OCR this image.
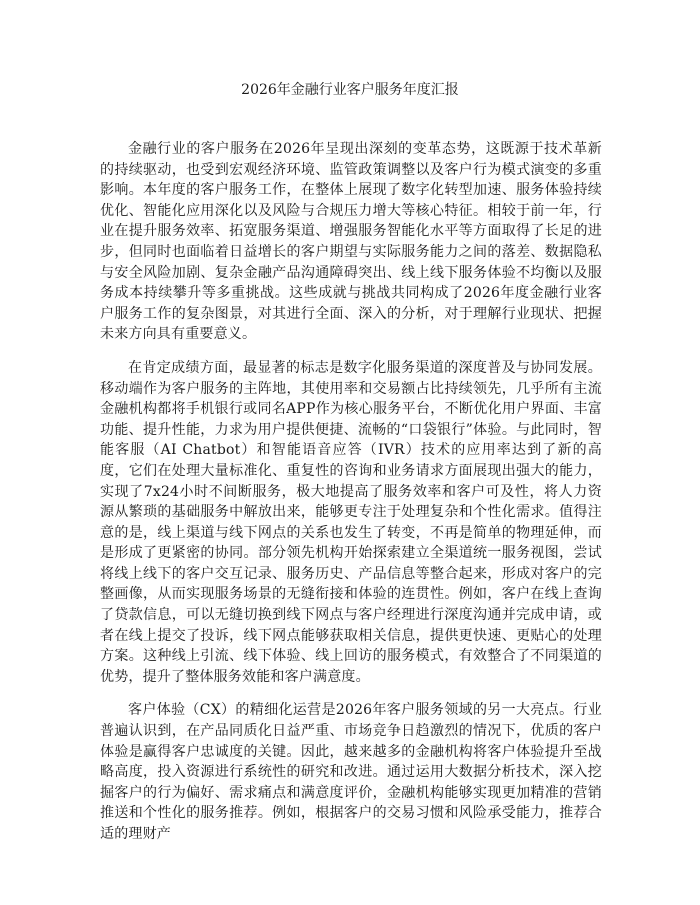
2026年金融行业客户服务年度汇报

金融行业的客户服务在2026年呈现出深刻的变革态势，这既源于技术革新的持续驱动，也受到宏观经济环境、监管政策调整以及客户行为模式演变的多重影响。本年度的客户服务工作，在整体上展现了数字化转型加速、服务体验持续优化、智能化应用深化以及风险与合规压力增大等核心特征。相较于前一年，行业在提升服务效率、拓宽服务渠道、增强服务智能化水平等方面取得了长足的进步，但同时也面临着日益增长的客户期望与实际服务能力之间的落差、数据隐私与安全风险加剧、复杂金融产品沟通障碍突出、线上线下服务体验不均衡以及服务成本持续攀升等多重挑战。这些成就与挑战共同构成了2026年度金融行业客户服务工作的复杂图景，对其进行全面、深入的分析，对于理解行业现状、把握未来方向具有重要意义。

在肯定成绩方面，最显著的标志是数字化服务渠道的深度普及与协同发展。移动端作为客户服务的主阵地，其使用率和交易额占比持续领先，几乎所有主流金融机构都将手机银行或同名APP作为核心服务平台，不断优化用户界面、丰富功能、提升性能，力求为用户提供便捷、流畅的“口袋银行”体验。与此同时，智能客服（AI Chatbot）和智能语音应答（IVR）技术的应用率达到了新的高度，它们在处理大量标准化、重复性的咨询和业务请求方面展现出强大的能力，实现了7x24小时不间断服务，极大地提高了服务效率和客户可及性，将人力资源从繁琐的基础服务中解放出来，能够更专注于处理复杂和个性化需求。值得注意的是，线上渠道与线下网点的关系也发生了转变，不再是简单的物理延伸，而是形成了更紧密的协同。部分领先机构开始探索建立全渠道统一服务视图，尝试将线上线下的客户交互记录、服务历史、产品信息等整合起来，形成对客户的完整画像，从而实现服务场景的无缝衔接和体验的连贯性。例如，客户在线上查询了贷款信息，可以无缝切换到线下网点与客户经理进行深度沟通并完成申请，或者在线上提交了投诉，线下网点能够获取相关信息，提供更快速、更贴心的处理方案。这种线上引流、线下体验、线上回访的服务模式，有效整合了不同渠道的优势，提升了整体服务效能和客户满意度。

客户体验（CX）的精细化运营是2026年客户服务领域的另一大亮点。行业普遍认识到，在产品同质化日益严重、市场竞争日趋激烈的情况下，优质的客户体验是赢得客户忠诚度的关键。因此，越来越多的金融机构将客户体验提升至战略高度，投入资源进行系统性的研究和改进。通过运用大数据分析技术，深入挖掘客户的行为偏好、需求痛点和满意度评价，金融机构能够实现更加精准的营销推送和个性化的服务推荐。例如，根据客户的交易习惯和风险承受能力，推荐合适的理财产
